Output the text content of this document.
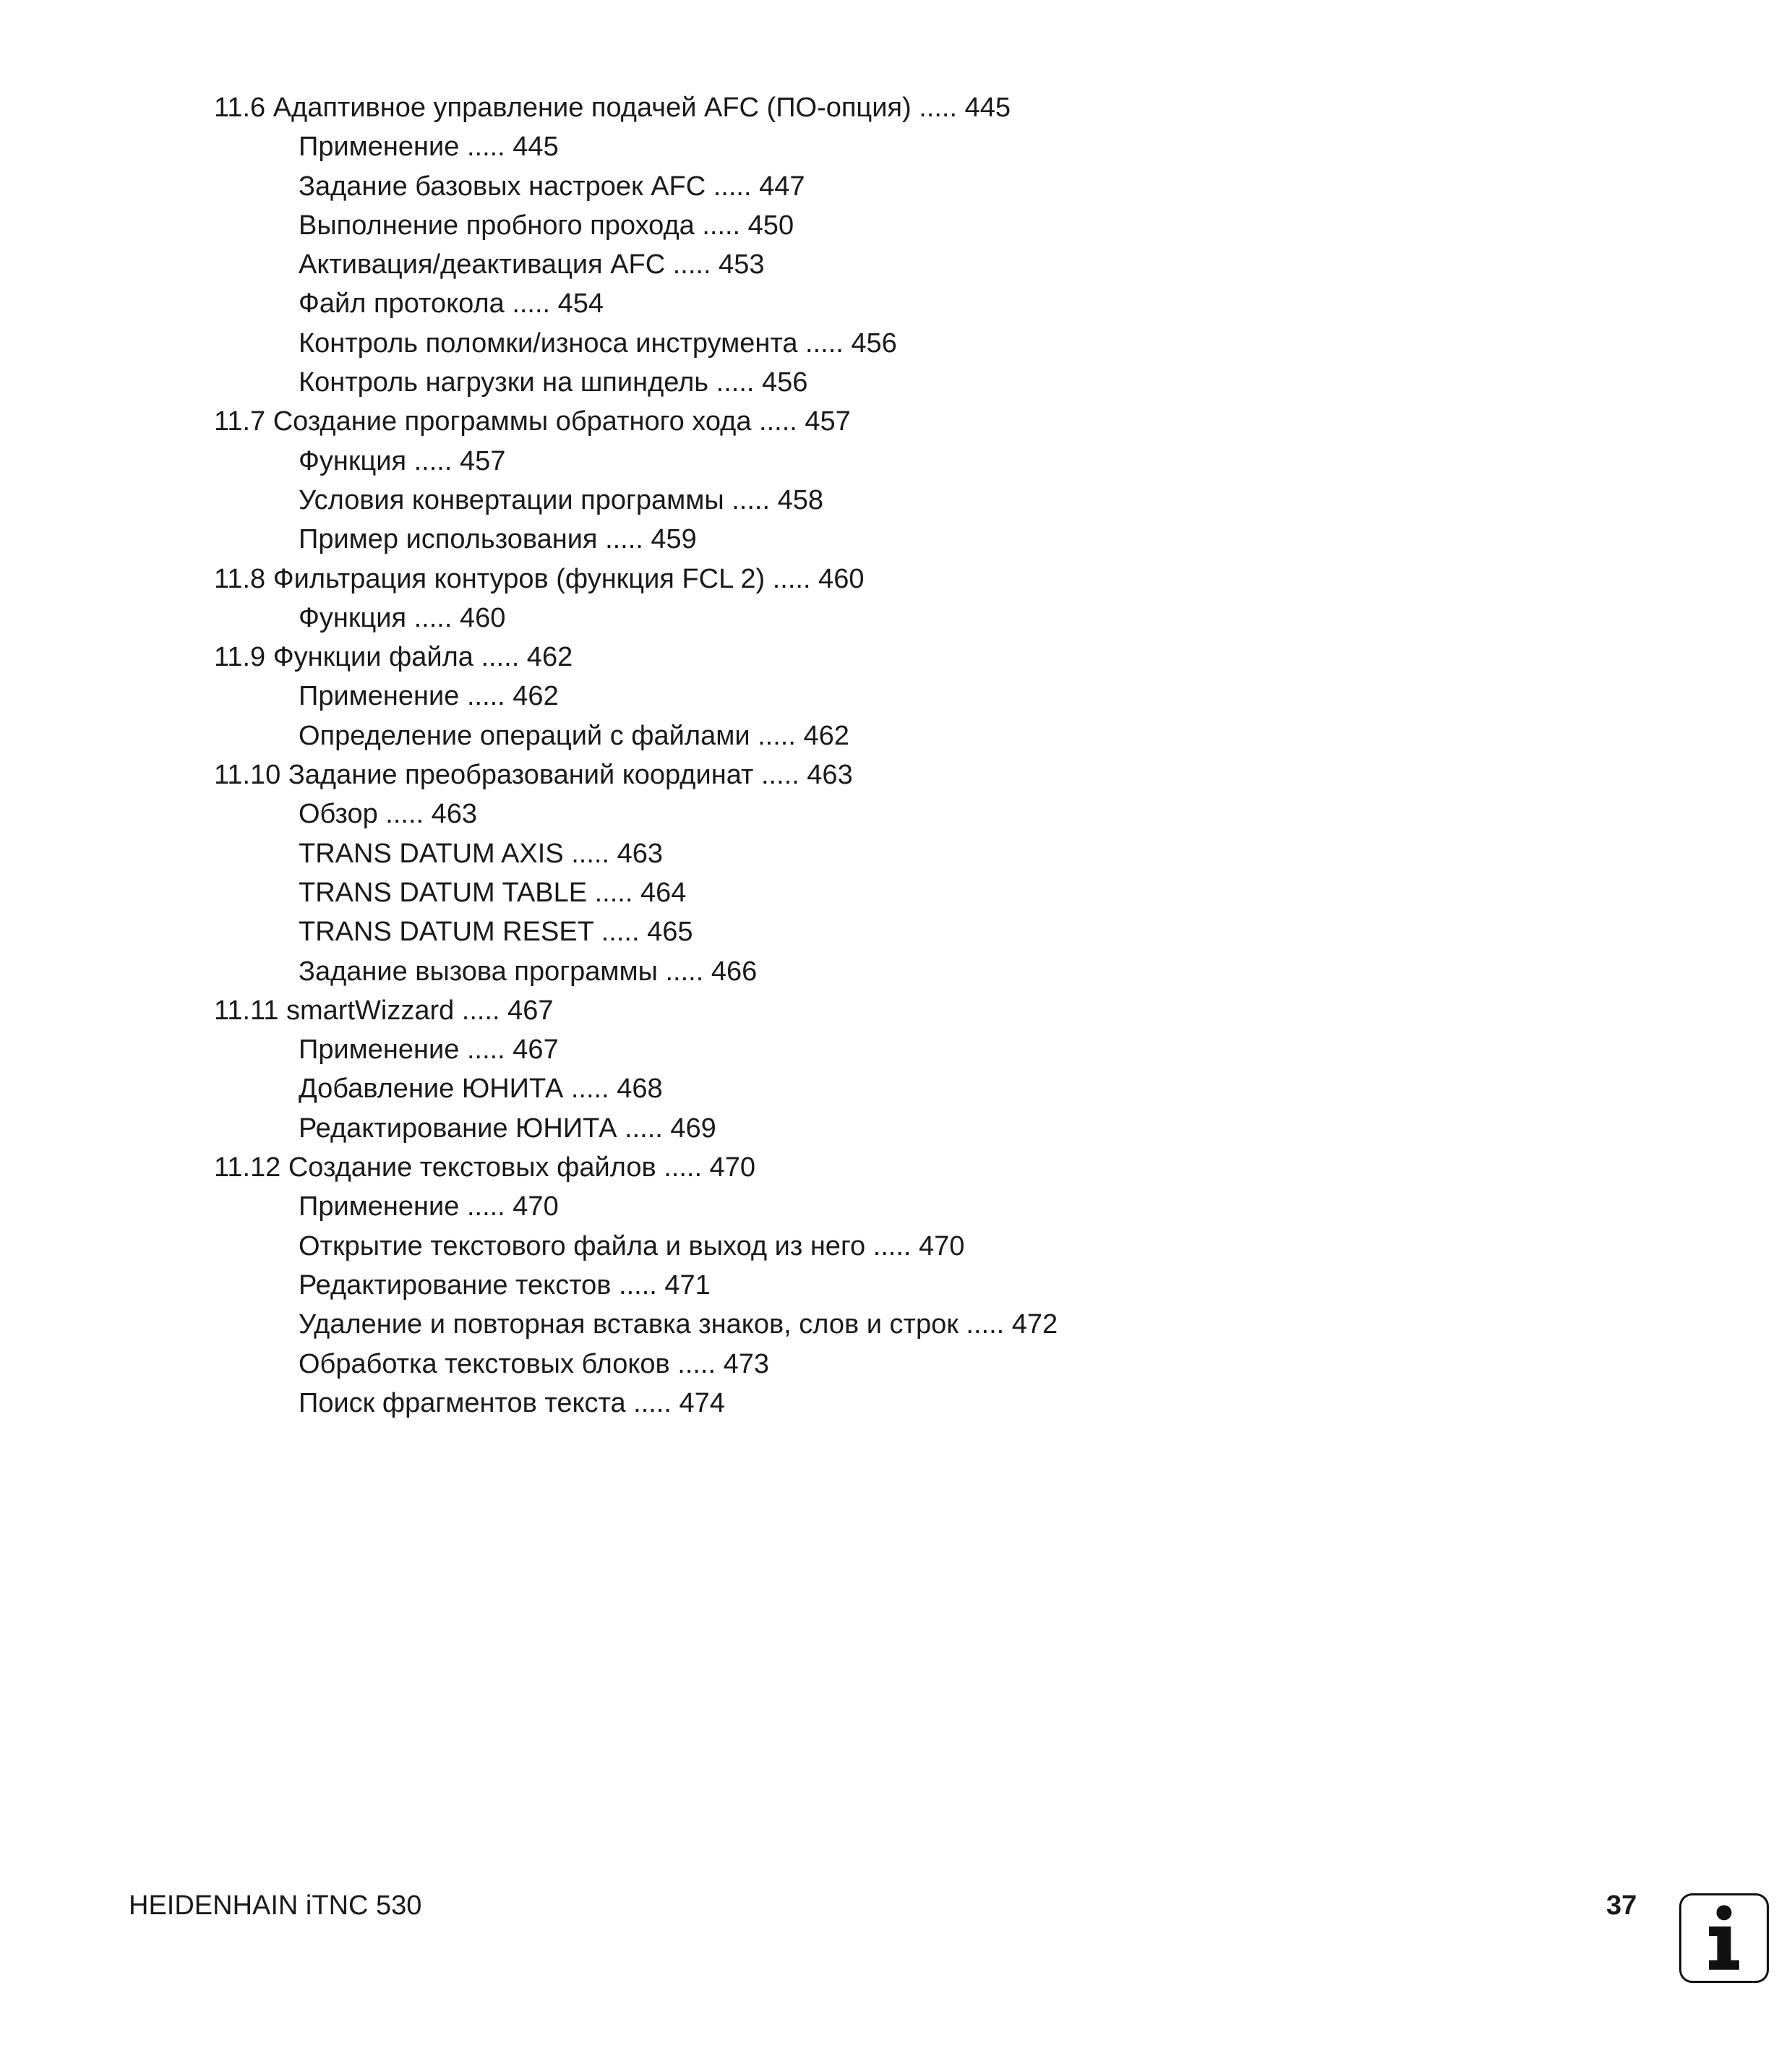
11.6 Адаптивное управление подачей AFC (ПО-опция) ..... 445
Применение ..... 445
Задание базовых настроек AFC ..... 447
Выполнение пробного прохода ..... 450
Активация/деактивация AFC ..... 453
Файл протокола ..... 454
Контроль поломки/износа инструмента ..... 456
Контроль нагрузки на шпиндель ..... 456
11.7 Создание программы обратного хода ..... 457
Функция ..... 457
Условия конвертации программы ..... 458
Пример использования ..... 459
11.8 Фильтрация контуров (функция FCL 2) ..... 460
Функция ..... 460
11.9 Функции файла ..... 462
Применение ..... 462
Определение операций с файлами ..... 462
11.10 Задание преобразований координат ..... 463
Обзор ..... 463
TRANS DATUM AXIS ..... 463
TRANS DATUM TABLE ..... 464
TRANS DATUM RESET ..... 465
Задание вызова программы ..... 466
11.11 smartWizzard ..... 467
Применение ..... 467
Добавление ЮНИТА ..... 468
Редактирование ЮНИТА ..... 469
11.12 Создание текстовых файлов ..... 470
Применение ..... 470
Открытие текстового файла и выход из него ..... 470
Редактирование текстов ..... 471
Удаление и повторная вставка знаков, слов и строк ..... 472
Обработка текстовых блоков ..... 473
Поиск фрагментов текста ..... 474
HEIDENHAIN iTNC 530	37
